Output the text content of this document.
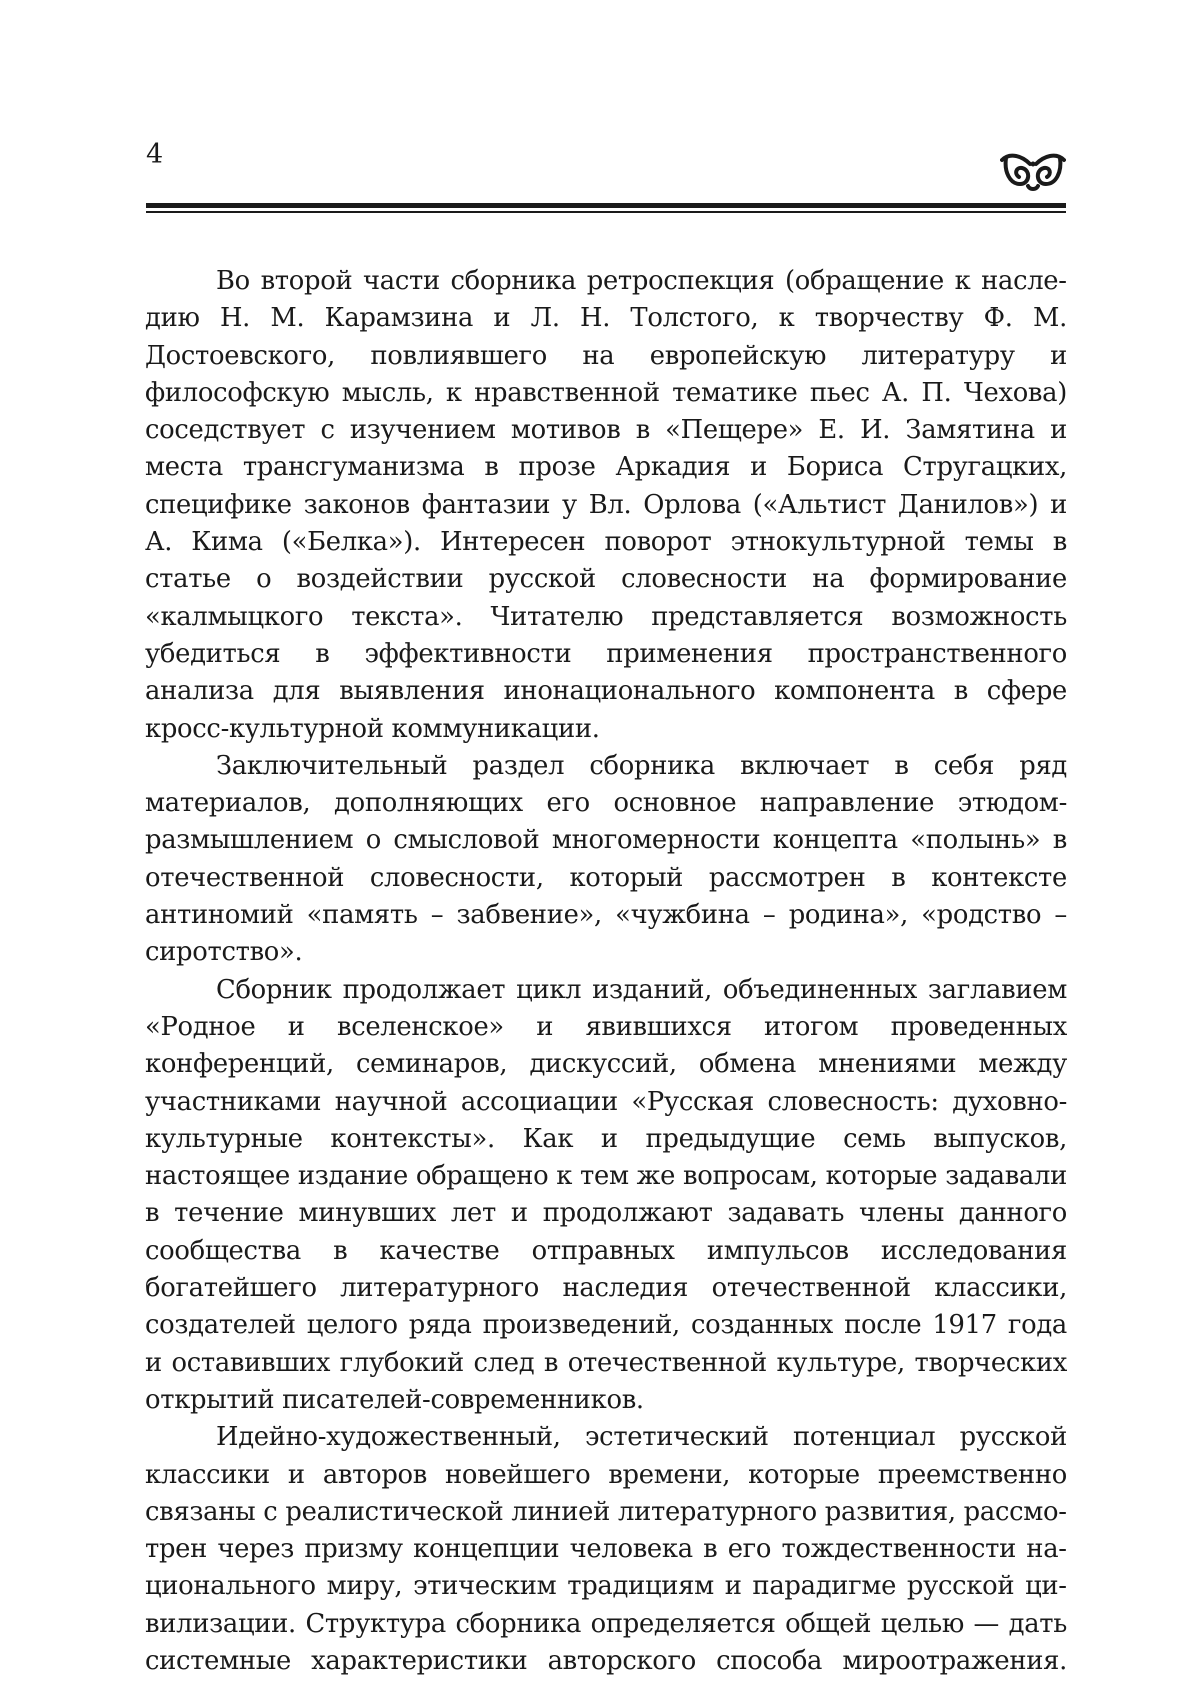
4

Во второй части сборника ретроспекция (обращение к наследию Н. М. Карамзина и Л. Н. Толстого, к творчеству Ф. М. Достоевского, повлиявшего на европейскую литературу и философскую мысль, к нравственной тематике пьес А. П. Чехова) соседствует с изучением мотивов в «Пещере» Е. И. Замятина и места трансгуманизма в прозе Аркадия и Бориса Стругацких, специфике законов фантазии у Вл. Орлова («Альтист Данилов») и А. Кима («Белка»). Интересен поворот этнокультурной темы в статье о воздействии русской словесности на формирование «калмыцкого текста». Читателю представляется возможность убедиться в эффективности применения пространственного анализа для выявления инонационального компонента в сфере кросс-культурной коммуникации.

Заключительный раздел сборника включает в себя ряд материалов, дополняющих его основное направление этюдом-размышлением о смысловой многомерности концепта «полынь» в отечественной словесности, который рассмотрен в контексте антиномий «память – забвение», «чужбина – родина», «родство – сиротство».

Сборник продолжает цикл изданий, объединенных заглавием «Родное и вселенское» и явившихся итогом проведенных конференций, семинаров, дискуссий, обмена мнениями между участниками научной ассоциации «Русская словесность: духовно-культурные контексты». Как и предыдущие семь выпусков, настоящее издание обращено к тем же вопросам, которые задавали в течение минувших лет и продолжают задавать члены данного сообщества в качестве отправных импульсов исследования богатейшего литературного наследия отечественной классики, создателей целого ряда произведений, созданных после 1917 года и оставивших глубокий след в отечественной культуре, творческих открытий писателей-современников.

Идейно-художественный, эстетический потенциал русской классики и авторов новейшего времени, которые преемственно связаны с реалистической линией литературного развития, рассмотрен через призму концепции человека в его тождественности национального миру, этическим традициям и парадигме русской цивилизации. Структура сборника определяется общей целью — дать системные характеристики авторского способа мироотражения.
